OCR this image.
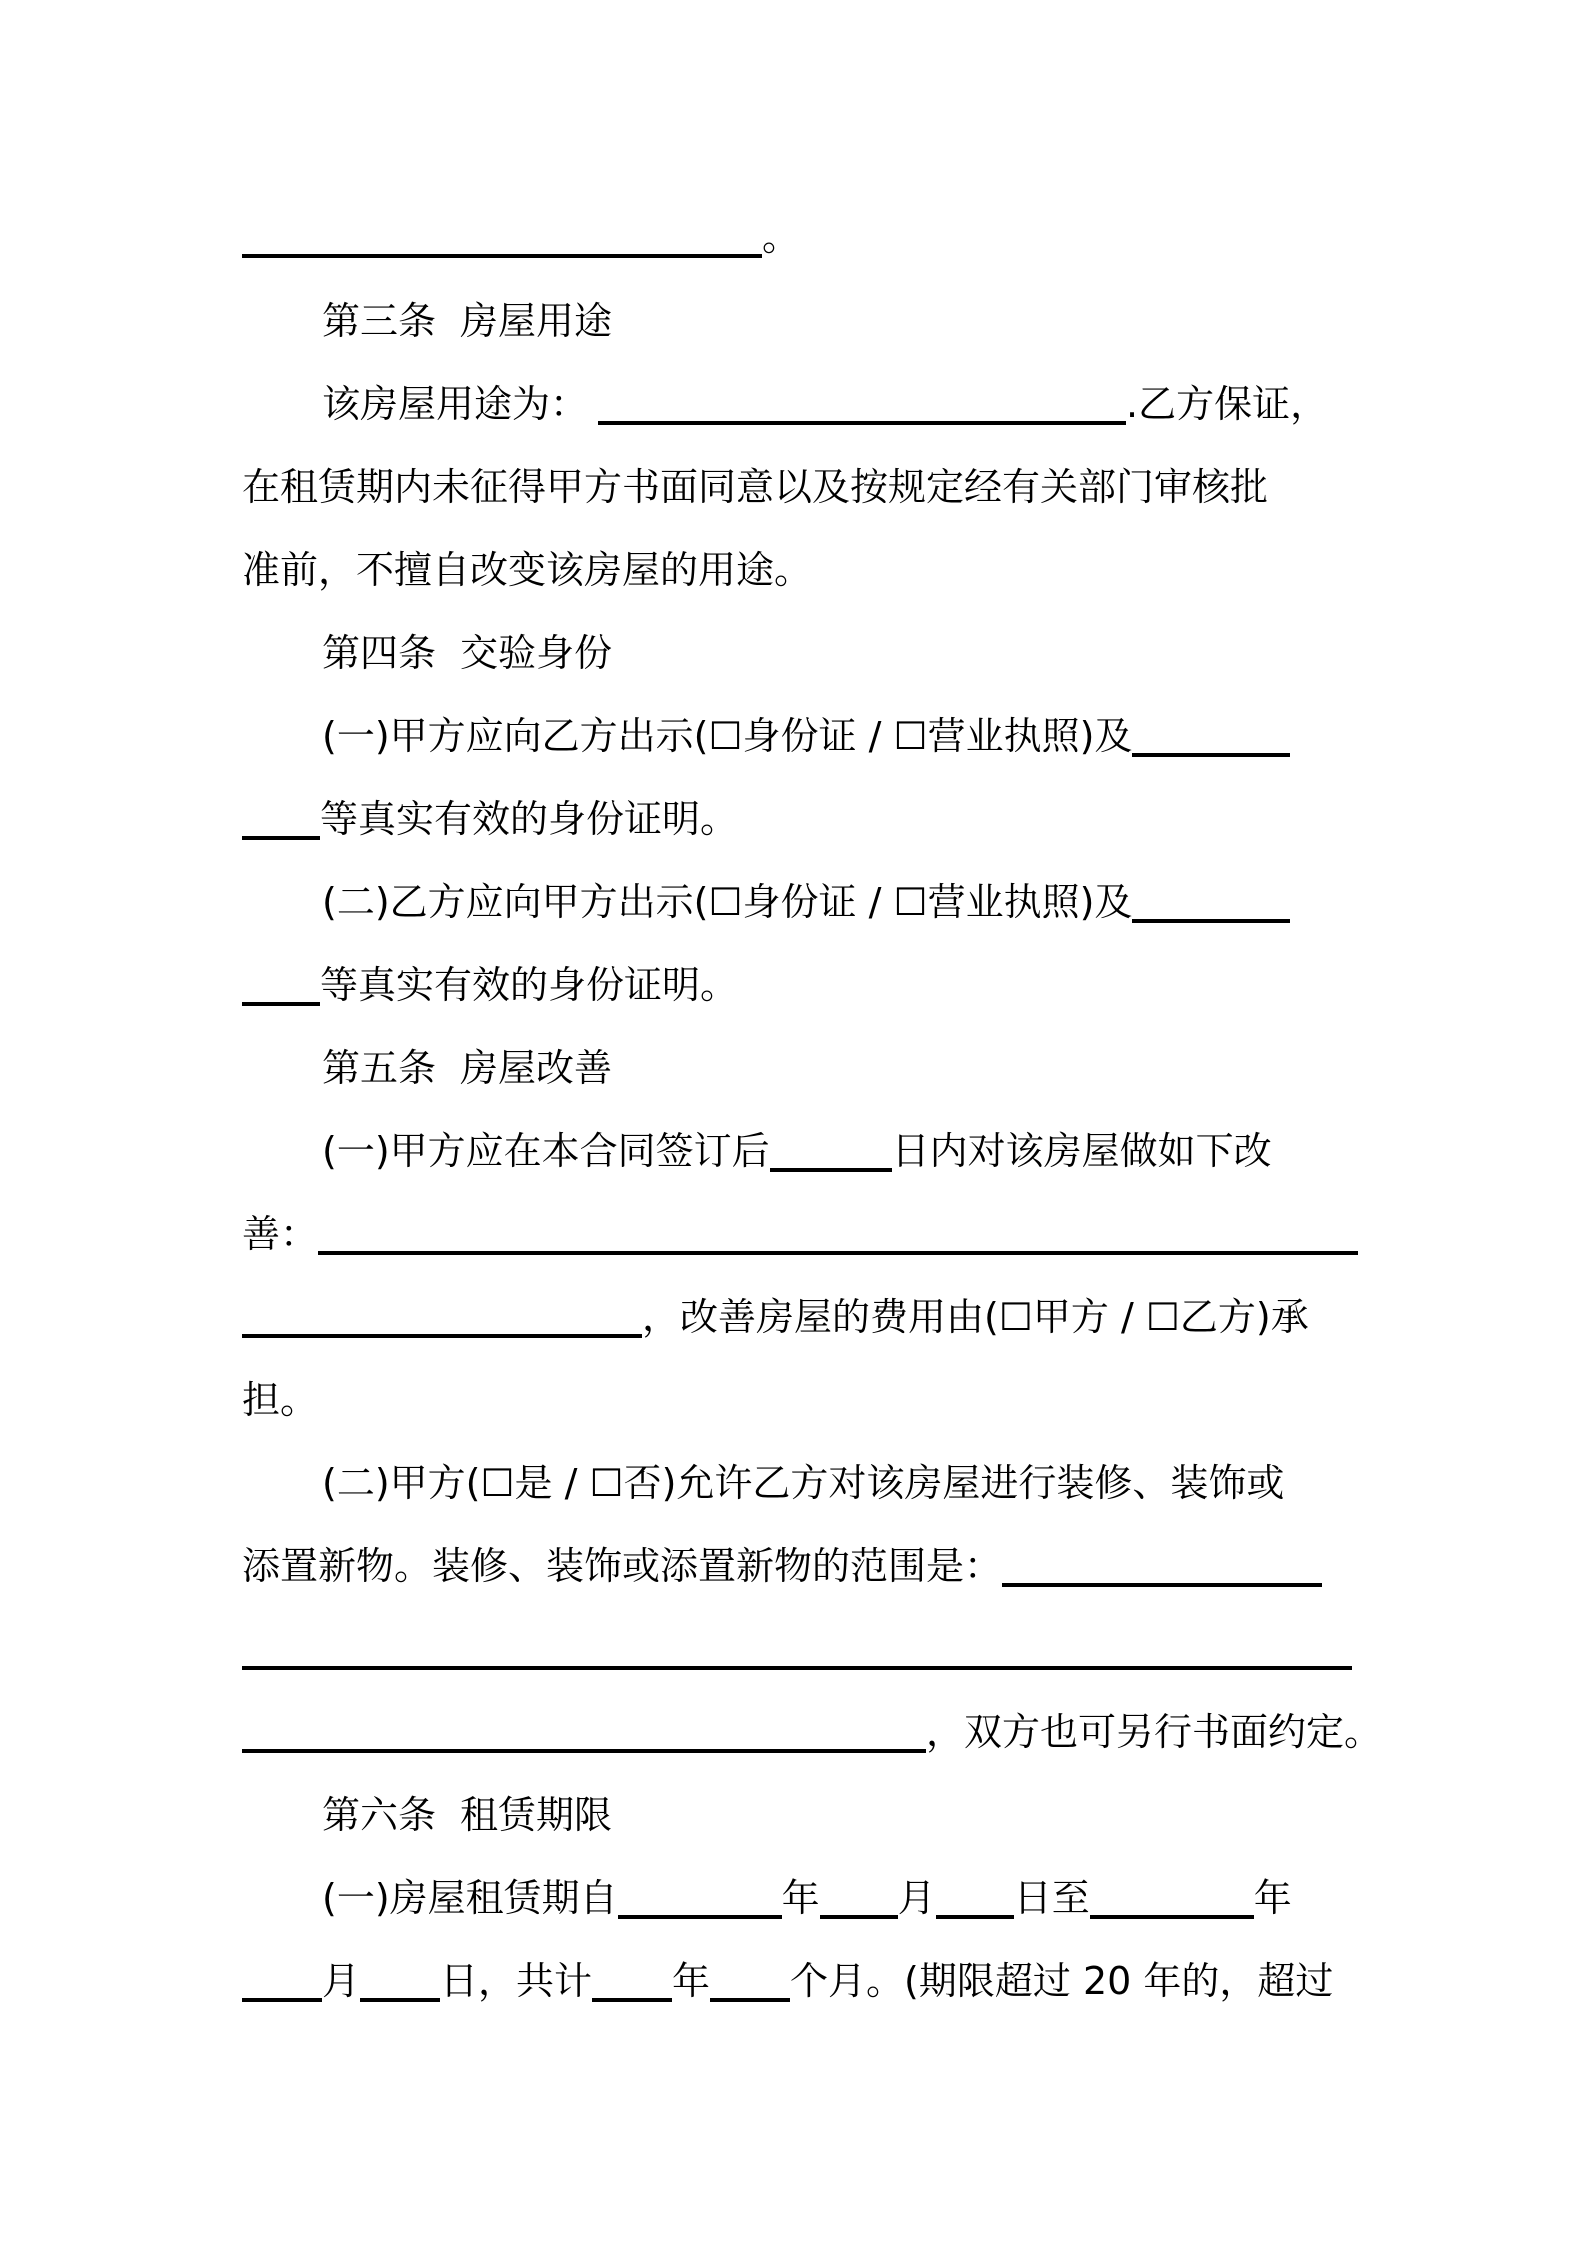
。
第三条 房屋用途
该房屋用途为：	.乙方保证，
在租赁期内未征得甲方书面同意以及按规定经有关部门审核批
准前，不擅自改变该房屋的用途。
第四条 交验身份
(一)甲方应向乙方出示(☐身份证 / ☐营业执照)及
等真实有效的身份证明。
(二)乙方应向甲方出示(☐身份证 / ☐营业执照)及
等真实有效的身份证明。
第五条 房屋改善
(一)甲方应在本合同签订后	日内对该房屋做如下改
善：
，改善房屋的费用由(☐甲方 / ☐乙方)承
担。
(二)甲方(☐是 / ☐否)允许乙方对该房屋进行装修、装饰或
添置新物。装修、装饰或添置新物的范围是：
，双方也可另行书面约定。
第六条 租赁期限
(一)房屋租赁期自	年 月 日至	年
月 日，共计 年 个月。(期限超过 20 年的，超过
